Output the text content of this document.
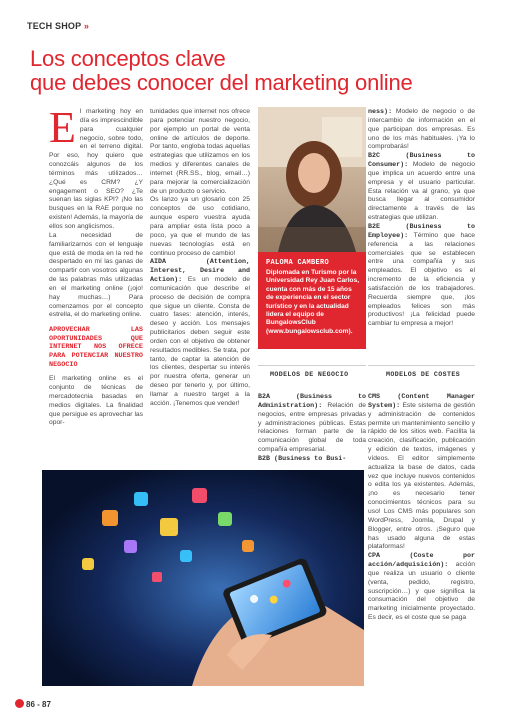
TECH SHOP »
Los conceptos clave
que debes conocer del marketing online

El marketing hoy en día es imprescindible para cualquier negocio, sobre todo, en el terreno digital. Por eso, hoy quiero que conozcáis algunos de los términos más utilizados… ¿Qué es CRM? ¿Y engagement o SEO? ¿Te suenan las siglas KPI? ¡No las busques en la RAE porque no existen! Además, la mayoría de ellos son anglicismos.

La necesidad de familiarizarnos con el lenguaje que está de moda en la red he despertado en mí las ganas de compartir con vosotros algunas de las palabras más utilizadas en el marketing online (¡ojo! hay muchas…) Para comenzamos por el concepto estrella, el do marketing online.

APROVECHAR LAS OPORTUNIDADES QUE INTERNET NOS OFRECE PARA POTENCIAR NUESTRO NEGOCIO

El marketing online es el conjunto de técnicas de mercadotecnia basadas en medios digitales. La finalidad que persigue es aprovechar las opor-

tunidades que internet nos ofrece para potenciar nuestro negocio, por ejemplo un portal de venta online de artículos de deporte. Por tanto, engloba todas aquellas estrategias que utilizamos en los medios y diferentes canales de internet (RR.SS., blog, email…) para mejorar la comercialización de un producto o servicio.

Os lanzo ya un glosario con 25 conceptos de uso cotidiano, aunque espero vuestra ayuda para ampliar esta lista poco a poco, ya que el mundo de las nuevas tecnologías está en continuo proceso de cambio!

AIDA (Attention, Interest, Desire and Action): Es un modelo de comunicación que describe el proceso de decisión de compra que sigue un cliente. Consta de cuatro fases: atención, interés, deseo y acción. Los mensajes publicitarios deben seguir este orden con el objetivo de obtener resultados medibles. Se trata, por tanto, de captar la atención de los clientes, despertar su interés por nuestra oferta, generar un deseo por tenerlo y, por último, llamar a nuestro target a la acción. ¡Tenemos que vender!

PALOMA CAMBERO
Diplomada en Turismo por la Universidad Rey Juan Carlos, cuenta con más de 15 años de experiencia en el sector turístico y en la actualidad lidera el equipo de BungalowsClub (www.bungalowsclub.com).
MODELOS DE NEGOCIO

B2A (Business to Administration): Relación de negocios, entre empresas privadas y administraciones públicas. Estas relaciones forman parte de la comunicación global de toda compañía empresarial.

B2B (Business to Busi-

ness): Modelo de negocio o de intercambio de información en el que participan dos empresas. Es uno de los más habituales. ¡Ya lo comprobarás!

B2C (Business to Consumer): Modelo de negocio que implica un acuerdo entre una empresa y el usuario particular. Esta relación va al grano, ya que busca llegar al consumidor directamente a través de las estrategias que utilizan.

B2E (Business to Employee): Término que hace referencia a las relaciones comerciales que se establecen entre una compañía y sus empleados. El objetivo es el incremento de la eficiencia y satisfacción de los trabajadores. Recuerda siempre que, ¡los empleados felices son más productivos! ¡La felicidad puede cambiar tu empresa a mejor!

MODELOS DE COSTES

CMS (Content Manager System): Este sistema de gestión y administración de contenidos permite un mantenimiento sencillo y rápido de los sitios web. Facilita la creación, clasificación, publicación y edición de textos, imágenes y vídeos. El editor simplemente actualiza la base de datos, cada vez que incluye nuevos contenidos o edita los ya existentes. Además, ¡no es necesario tener conocimientos técnicos para su uso! Los CMS más populares son WordPress, Joomla, Drupal y Blogger, entre otros. ¡Seguro que has usado alguna de estas plataformas!

CPA (Coste por acción/adquisición): acción que realiza un usuario o cliente (venta, pedido, registro, suscripción…) y que significa la consumación del objetivo de marketing inicialmente proyectado. Es decir, es el coste que se paga

86 - 87
